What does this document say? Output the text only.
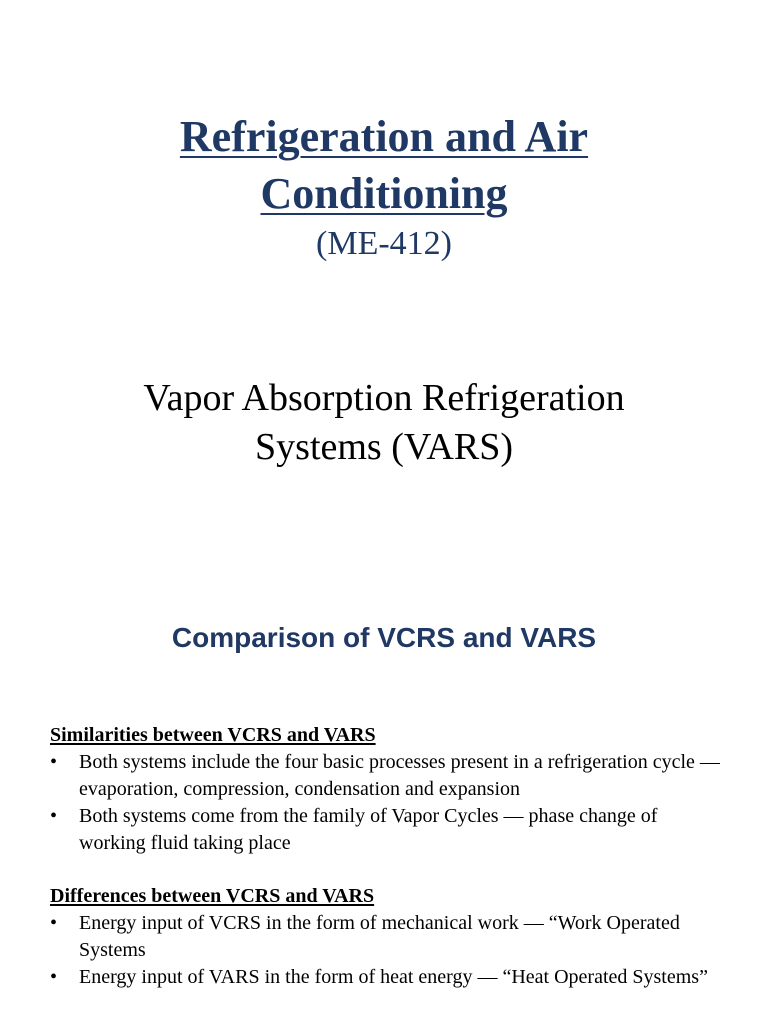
Refrigeration and Air
Conditioning
(ME-412)
Vapor Absorption Refrigeration
Systems (VARS)
Comparison of VCRS and VARS
Similarities between VCRS and VARS
•	Both systems include the four basic processes present in a refrigeration cycle — evaporation, compression, condensation and expansion
•	Both systems come from the family of Vapor Cycles — phase change of working fluid taking place
Differences between VCRS and VARS
•	Energy input of VCRS in the form of mechanical work — “Work Operated Systems
•	Energy input of VARS in the form of heat energy — “Heat Operated Systems”
